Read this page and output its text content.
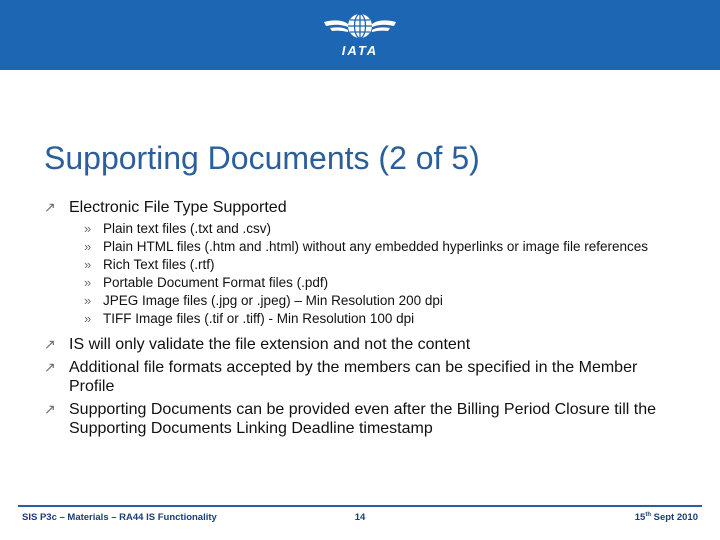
IATA
Supporting Documents (2 of 5)
↗ Electronic File Type Supported
» Plain text files (.txt and .csv)
» Plain HTML files (.htm and .html) without any embedded hyperlinks or image file references
» Rich Text files (.rtf)
» Portable Document Format files (.pdf)
» JPEG Image files (.jpg or .jpeg) – Min Resolution 200 dpi
» TIFF Image files (.tif or .tiff) - Min Resolution 100 dpi
↗ IS will only validate the file extension and not the content
↗ Additional file formats accepted by the members can be specified in the Member Profile
↗ Supporting Documents can be provided even after the Billing Period Closure till the Supporting Documents Linking Deadline timestamp
SIS P3c – Materials – RA44 IS Functionality	14	15th Sept 2010
